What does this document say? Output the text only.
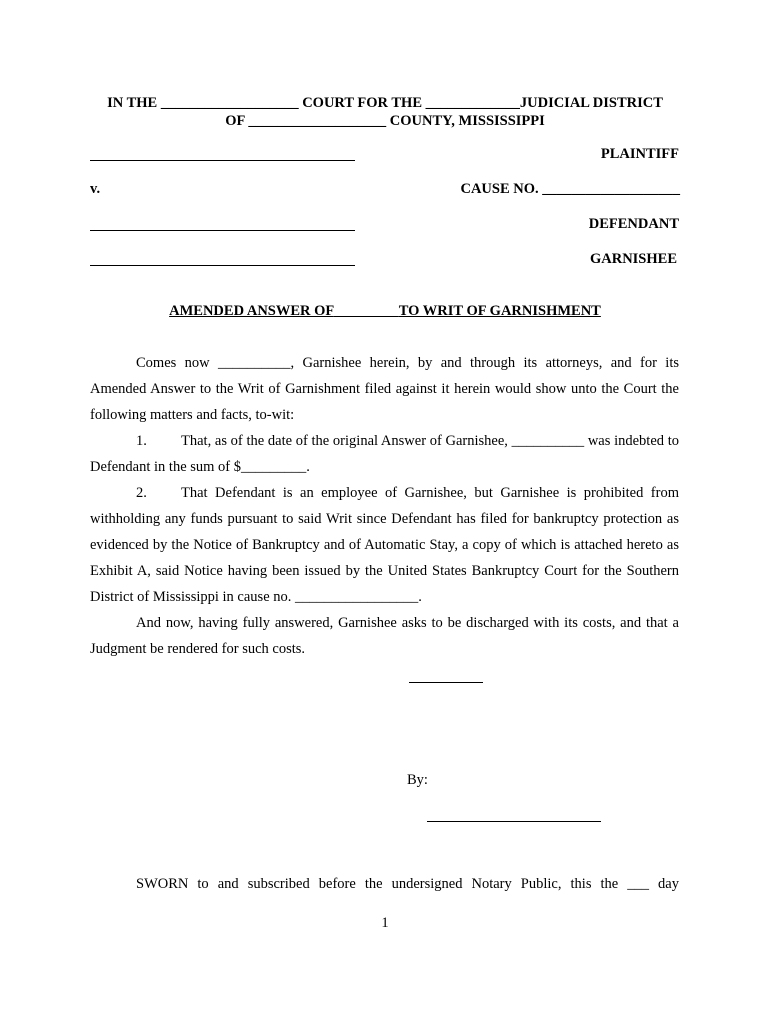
IN THE ___________________ COURT FOR THE _____________JUDICIAL DISTRICT
OF ___________________ COUNTY, MISSISSIPPI
PLAINTIFF
v.	CAUSE NO. ___________________
DEFENDANT
GARNISHEE
AMENDED ANSWER OF	TO WRIT OF GARNISHMENT

Comes now __________, Garnishee herein, by and through its attorneys, and for its Amended Answer to the Writ of Garnishment filed against it herein would show unto the Court the following matters and facts, to-wit:

1. That, as of the date of the original Answer of Garnishee, __________ was indebted to Defendant in the sum of $_________.

2. That Defendant is an employee of Garnishee, but Garnishee is prohibited from withholding any funds pursuant to said Writ since Defendant has filed for bankruptcy protection as evidenced by the Notice of Bankruptcy and of Automatic Stay, a copy of which is attached hereto as Exhibit A, said Notice having been issued by the United States Bankruptcy Court for the Southern District of Mississippi in cause no. _________________.

And now, having fully answered, Garnishee asks to be discharged with its costs, and that a Judgment be rendered for such costs.

By:
SWORN to and subscribed before the undersigned Notary Public, this the ___ day
1
